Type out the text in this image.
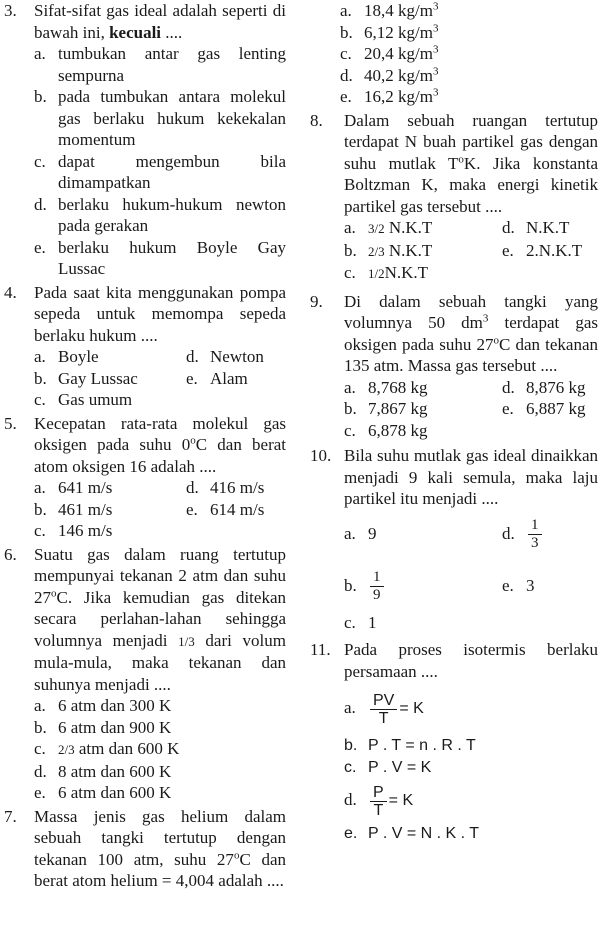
3. Sifat-sifat gas ideal adalah seperti di bawah ini, kecuali ....
a. tumbukan antar gas lenting sempurna
b. pada tumbukan antara molekul gas berlaku hukum kekekalan momentum
c. dapat mengembun bila dimampatkan
d. berlaku hukum-hukum newton pada gerakan
e. berlaku hukum Boyle Gay Lussac
4. Pada saat kita menggunakan pompa sepeda untuk memompa sepeda berlaku hukum ....
a. Boyle	d. Newton
b. Gay Lussac	e. Alam
c. Gas umum
5. Kecepatan rata-rata molekul gas oksigen pada suhu 0$^o$C dan berat atom oksigen 16 adalah ....
a. 641 m/s	d. 416 m/s
b. 461 m/s	e. 614 m/s
c. 146 m/s
6. Suatu gas dalam ruang tertutup mempunyai tekanan 2 atm dan suhu 27$^o$C. Jika kemudian gas ditekan secara perlahan-lahan sehingga volumnya menjadi 1/3 dari volum mula-mula, maka tekanan dan suhunya menjadi ....
a. 6 atm dan 300 K
b. 6 atm dan 900 K
c. 2/3 atm dan 600 K
d. 8 atm dan 600 K
e. 6 atm dan 600 K
7. Massa jenis gas helium dalam sebuah tangki tertutup dengan tekanan 100 atm, suhu 27$^o$C dan berat atom helium = 4,004 adalah ....
a. 18,4 $kg/m^3$
b. 6,12 $kg/m^3$
c. 20,4 $kg/m^3$
d. 40,2 $kg/m^3$
e. 16,2 $kg/m^3$
8. Dalam sebuah ruangan tertutup terdapat N buah partikel gas dengan suhu mutlak $T^oK$. Jika konstanta Boltzman K, maka energi kinetik partikel gas tersebut ....
a. 3/2 N.K.T	d. N.K.T
b. 2/3 N.K.T	e. 2.N.K.T
c. 1/2N.K.T
9. Di dalam sebuah tangki yang volumnya 50 $dm^3$ terdapat gas oksigen pada suhu 27$^o$C dan tekanan 135 atm. Massa gas tersebut ....
a. 8,768 kg	d. 8,876 kg
b. 7,867 kg	e. 6,887 kg
c. 6,878 kg
10. Bila suhu mutlak gas ideal dinaikkan menjadi 9 kali semula, maka laju partikel itu menjadi ....
a. 9	d. $\frac{1}{3}$
b. $\frac{1}{9}$	e. 3
c. 1
11. Pada proses isotermis berlaku persamaan ....
a. $\frac{PV}{T} = K$
b. P . T = n . R . T
c. P . V = K
d. $\frac{P}{T} = K$
e. P . V = N . K . T
